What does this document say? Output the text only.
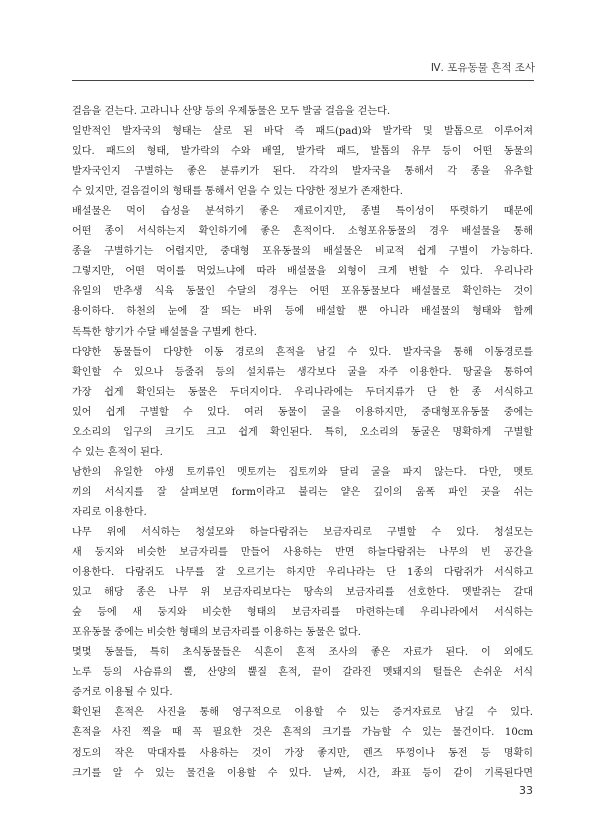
Ⅳ. 포유동물 흔적 조사
걸음을 걷는다. 고라니나 산양 등의 우제동물은 모두 발굽 걸음을 걷는다.
일반적인 발자국의 형태는 살로 된 바닥 즉 패드(pad)와 발가락 및 발톱으로 이루어져
있다. 패드의 형태, 발가락의 수와 배열, 발가락 패드, 발톱의 유무 등이 어떤 동물의
발자국인지 구별하는 좋은 분류키가 된다. 각각의 발자국을 통해서 각 종을 유추할
수 있지만, 걸음걸이의 형태를 통해서 얻을 수 있는 다양한 정보가 존재한다.
배설물은 먹이 습성을 분석하기 좋은 재료이지만, 종별 특이성이 뚜렷하기 때문에
어떤 종이 서식하는지 확인하기에 좋은 흔적이다. 소형포유동물의 경우 배설물을 통해
종을 구별하기는 어렵지만, 중대형 포유동물의 배설물은 비교적 쉽게 구별이 가능하다.
그렇지만, 어떤 먹이를 먹었느냐에 따라 배설물을 외형이 크게 변할 수 있다. 우리나라
유일의 반추생 식육 동물인 수달의 경우는 어떤 포유동물보다 배설물로 확인하는 것이
용이하다. 하천의 눈에 잘 띄는 바위 등에 배설할 뿐 아니라 배설물의 형태와 함께
독특한 향기가 수달 배설물을 구별케 한다.
다양한 동물들이 다양한 이동 경로의 흔적을 남길 수 있다. 발자국을 통해 이동경로를
확인할 수 있으나 등줄쥐 등의 설치류는 생각보다 굴을 자주 이용한다. 땅굴을 통하여
가장 쉽게 확인되는 동물은 두더지이다. 우리나라에는 두더지류가 단 한 종 서식하고
있어 쉽게 구별할 수 있다. 여러 동물이 굴을 이용하지만, 중대형포유동물 중에는
오소리의 입구의 크기도 크고 쉽게 확인된다. 특히, 오소리의 동굴은 명확하게 구별할
수 있는 흔적이 된다.
남한의 유일한 야생 토끼류인 멧토끼는 집토끼와 달리 굴을 파지 않는다. 다만, 멧토
끼의 서식지를 잘 살펴보면 form이라고 불리는 얕은 깊이의 움폭 파인 곳을 쉬는
자리로 이용한다.
나무 위에 서식하는 청설모와 하늘다람쥐는 보금자리로 구별할 수 있다. 청설모는
새 둥지와 비슷한 보금자리를 만들어 사용하는 반면 하늘다람쥐는 나무의 빈 공간을
이용한다. 다람쥐도 나무를 잘 오르기는 하지만 우리나라는 단 1종의 다람쥐가 서식하고
있고 해당 종은 나무 위 보금자리보다는 땅속의 보금자리를 선호한다. 멧밭쥐는 갈대
숲 등에 새 둥지와 비슷한 형태의 보금자리를 마련하는데 우리나라에서 서식하는
포유동물 중에는 비슷한 형태의 보금자리를 이용하는 동물은 없다.
몇몇 동물들, 특히 초식동물들은 식흔이 흔적 조사의 좋은 자료가 된다. 이 외에도
노루 등의 사슴류의 뿔, 산양의 뿔질 흔적, 끝이 갈라진 멧돼지의 털들은 손쉬운 서식
증거로 이용될 수 있다.
확인된 흔적은 사진을 통해 영구적으로 이용할 수 있는 증거자료로 남길 수 있다.
흔적을 사진 찍을 때 꼭 필요한 것은 흔적의 크기를 가늠할 수 있는 물건이다. 10cm
정도의 작은 막대자를 사용하는 것이 가장 좋지만, 렌즈 뚜껑이나 동전 등 명확히
크기를 알 수 있는 물건을 이용할 수 있다. 날짜, 시간, 좌표 등이 같이 기록된다면
33
